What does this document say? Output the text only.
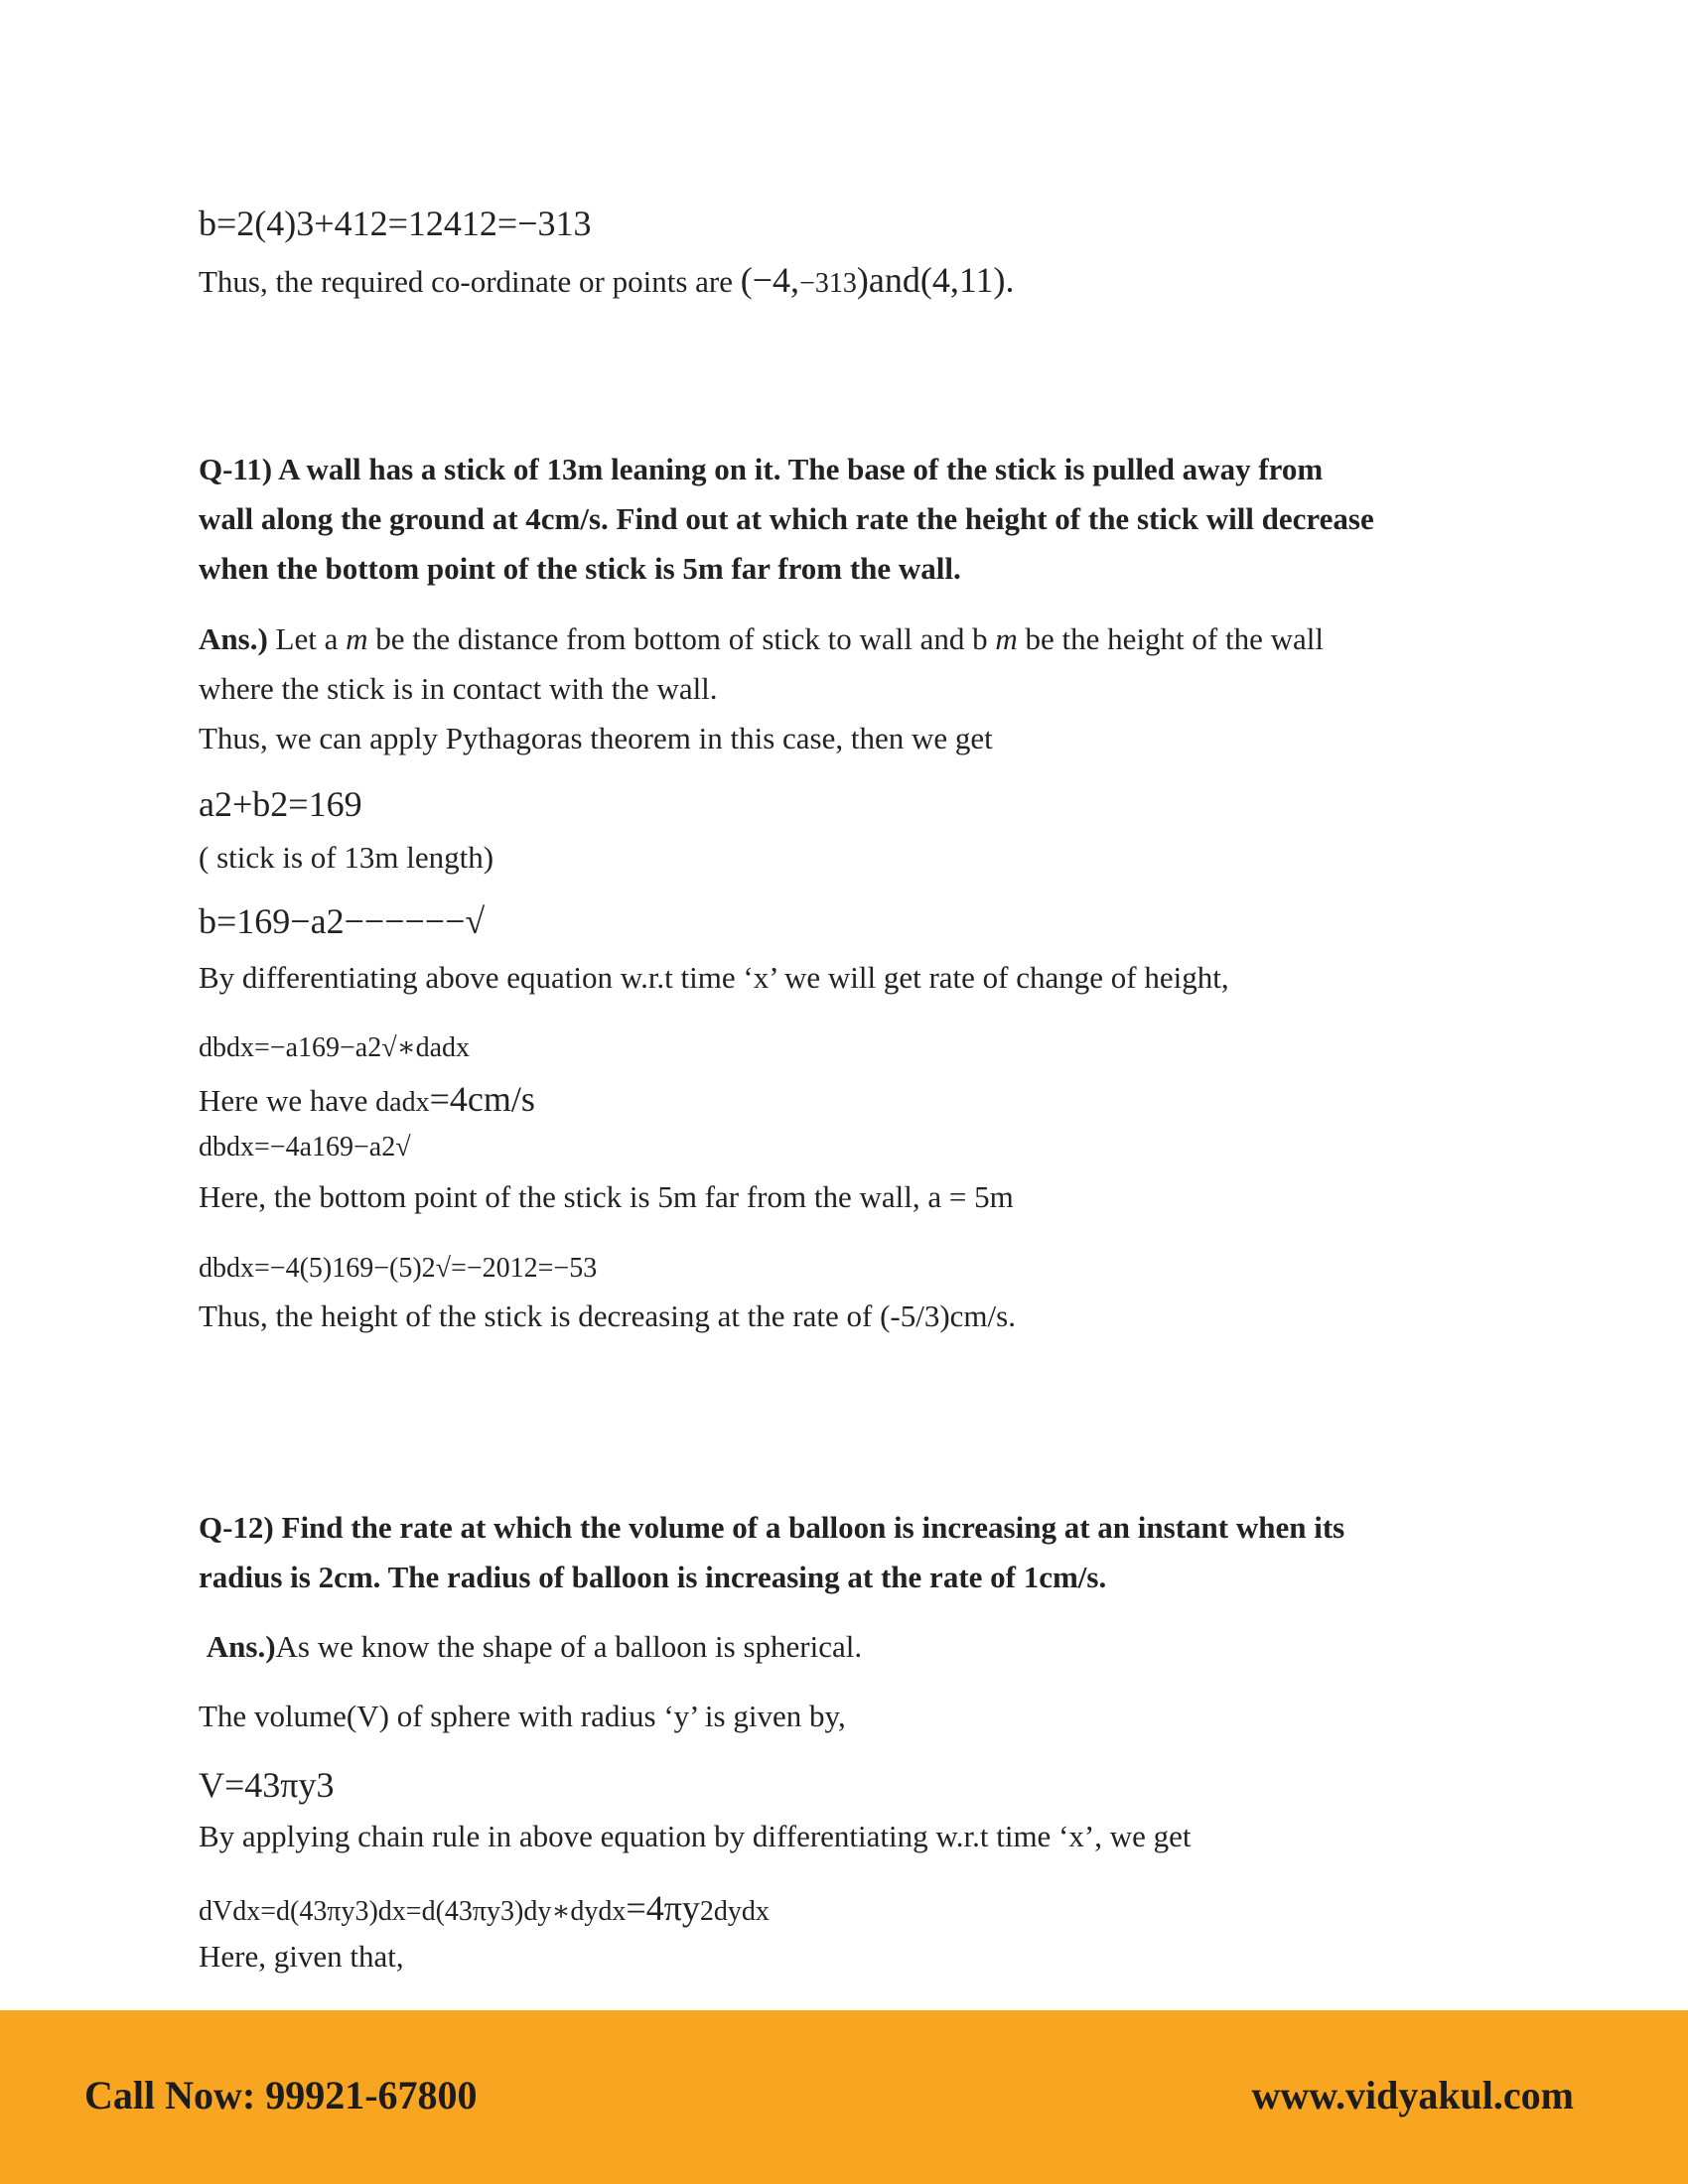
b=2(4)3+412=12412=−313
Thus, the required co-ordinate or points are (−4,−313)and(4,11).
Q-11) A wall has a stick of 13m leaning on it. The base of the stick is pulled away from
wall along the ground at 4cm/s. Find out at which rate the height of the stick will decrease
when the bottom point of the stick is 5m far from the wall.
Ans.) Let a m be the distance from bottom of stick to wall and b m be the height of the wall
where the stick is in contact with the wall.
Thus, we can apply Pythagoras theorem in this case, then we get
a2+b2=169
( stick is of 13m length)
b=169−a2−−−−−−√
By differentiating above equation w.r.t time ‘x’ we will get rate of change of height,
dbdx=−a169−a2√∗dadx
Here we have dadx=4cm/s
dbdx=−4a169−a2√
Here, the bottom point of the stick is 5m far from the wall, a = 5m
dbdx=−4(5)169−(5)2√=−2012=−53
Thus, the height of the stick is decreasing at the rate of (-5/3)cm/s.
Q-12) Find the rate at which the volume of a balloon is increasing at an instant when its
radius is 2cm. The radius of balloon is increasing at the rate of 1cm/s.
Ans.)As we know the shape of a balloon is spherical.
The volume(V) of sphere with radius ‘y’ is given by,
V=43πy3
By applying chain rule in above equation by differentiating w.r.t time ‘x’, we get
dVdx=d(43πy3)dx=d(43πy3)dy∗dydx=4πy2dydx
Here, given that,
Call Now: 99921-67800	www.vidyakul.com
